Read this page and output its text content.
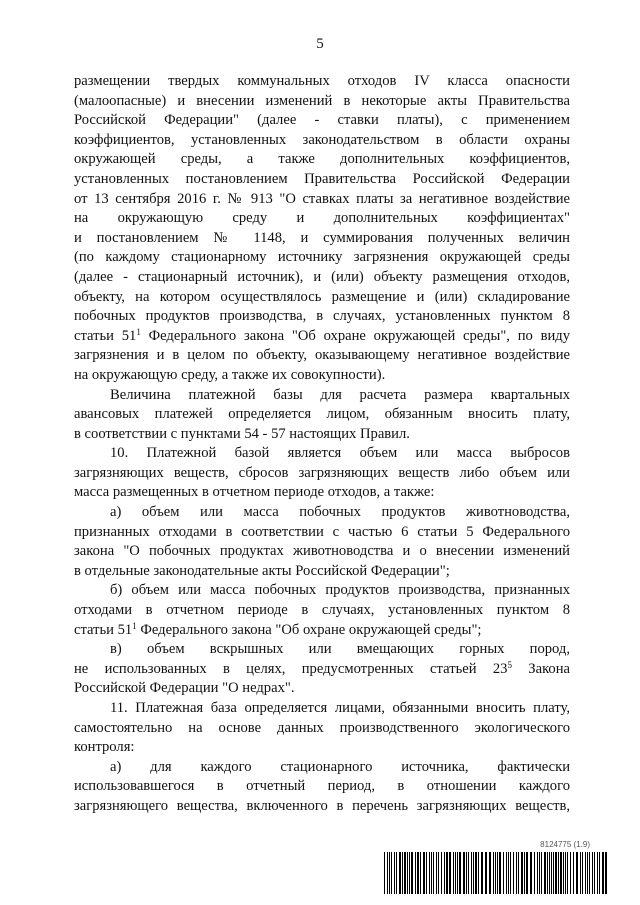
5
размещении твердых коммунальных отходов IV класса опасности
(малоопасные) и внесении изменений в некоторые акты Правительства
Российской Федерации" (далее - ставки платы), с применением
коэффициентов, установленных законодательством в области охраны
окружающей среды, а также дополнительных коэффициентов,
установленных постановлением Правительства Российской Федерации
от 13 сентября 2016 г. № 913 "О ставках платы за негативное воздействие
на окружающую среду и дополнительных коэффициентах"
и постановлением № 1148, и суммирования полученных величин
(по каждому стационарному источнику загрязнения окружающей среды
(далее - стационарный источник), и (или) объекту размещения отходов,
объекту, на котором осуществлялось размещение и (или) складирование
побочных продуктов производства, в случаях, установленных пунктом 8
статьи $51^1$ Федерального закона "Об охране окружающей среды", по виду
загрязнения и в целом по объекту, оказывающему негативное воздействие
на окружающую среду, а также их совокупности).
Величина платежной базы для расчета размера квартальных
авансовых платежей определяется лицом, обязанным вносить плату,
в соответствии с пунктами 54 - 57 настоящих Правил.
10. Платежной базой является объем или масса выбросов
загрязняющих веществ, сбросов загрязняющих веществ либо объем или
масса размещенных в отчетном периоде отходов, а также:
а) объем или масса побочных продуктов животноводства,
признанных отходами в соответствии с частью 6 статьи 5 Федерального
закона "О побочных продуктах животноводства и о внесении изменений
в отдельные законодательные акты Российской Федерации";
б) объем или масса побочных продуктов производства, признанных
отходами в отчетном периоде в случаях, установленных пунктом 8
статьи $51^1$ Федерального закона "Об охране окружающей среды";
в) объем вскрышных или вмещающих горных пород,
не использованных в целях, предусмотренных статьей $23^5$ Закона
Российской Федерации "О недрах".
11. Платежная база определяется лицами, обязанными вносить плату,
самостоятельно на основе данных производственного экологического
контроля:
а) для каждого стационарного источника, фактически
использовавшегося в отчетный период, в отношении каждого
загрязняющего вещества, включенного в перечень загрязняющих веществ,
8124775 (1.9)
